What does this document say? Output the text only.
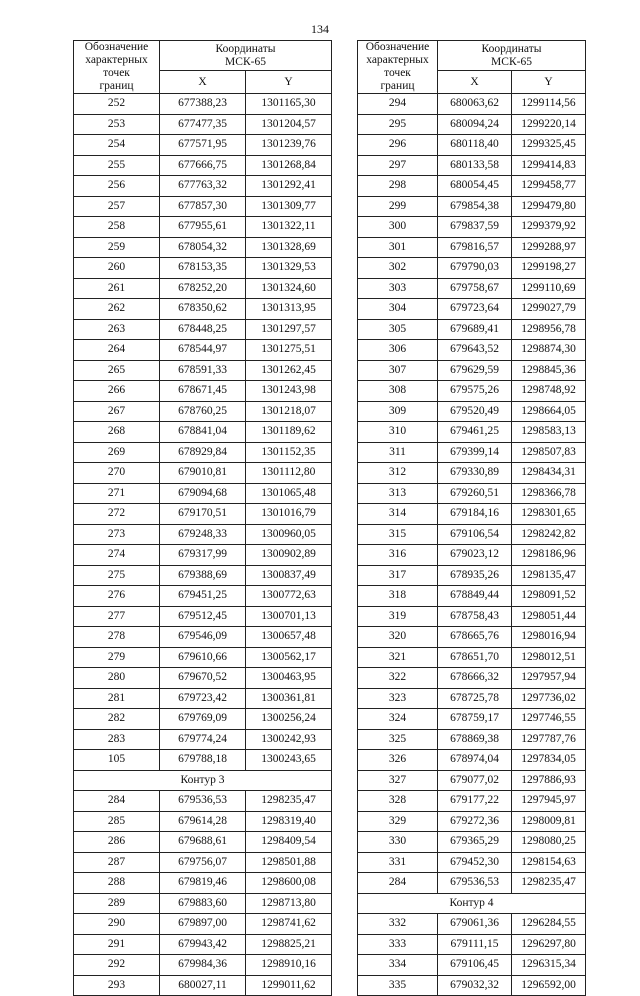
134
Обозначение
характерных
точек
границ	Координаты
МСК-65	
	X	Y
252	677388,23	1301165,30
253	677477,35	1301204,57
254	677571,95	1301239,76
255	677666,75	1301268,84
256	677763,32	1301292,41
257	677857,30	1301309,77
258	677955,61	1301322,11
259	678054,32	1301328,69
260	678153,35	1301329,53
261	678252,20	1301324,60
262	678350,62	1301313,95
263	678448,25	1301297,57
264	678544,97	1301275,51
265	678591,33	1301262,45
266	678671,45	1301243,98
267	678760,25	1301218,07
268	678841,04	1301189,62
269	678929,84	1301152,35
270	679010,81	1301112,80
271	679094,68	1301065,48
272	679170,51	1301016,79
273	679248,33	1300960,05
274	679317,99	1300902,89
275	679388,69	1300837,49
276	679451,25	1300772,63
277	679512,45	1300701,13
278	679546,09	1300657,48
279	679610,66	1300562,17
280	679670,52	1300463,95
281	679723,42	1300361,81
282	679769,09	1300256,24
283	679774,24	1300242,93
105	679788,18	1300243,65
Контур 3		
284	679536,53	1298235,47
285	679614,28	1298319,40
286	679688,61	1298409,54
287	679756,07	1298501,88
288	679819,46	1298600,08
289	679883,60	1298713,80
290	679897,00	1298741,62
291	679943,42	1298825,21
292	679984,36	1298910,16
293	680027,11	1299011,62
Обозначение
характерных
точек
границ	Координаты
МСК-65	
	X	Y
294	680063,62	1299114,56
295	680094,24	1299220,14
296	680118,40	1299325,45
297	680133,58	1299414,83
298	680054,45	1299458,77
299	679854,38	1299479,80
300	679837,59	1299379,92
301	679816,57	1299288,97
302	679790,03	1299198,27
303	679758,67	1299110,69
304	679723,64	1299027,79
305	679689,41	1298956,78
306	679643,52	1298874,30
307	679629,59	1298845,36
308	679575,26	1298748,92
309	679520,49	1298664,05
310	679461,25	1298583,13
311	679399,14	1298507,83
312	679330,89	1298434,31
313	679260,51	1298366,78
314	679184,16	1298301,65
315	679106,54	1298242,82
316	679023,12	1298186,96
317	678935,26	1298135,47
318	678849,44	1298091,52
319	678758,43	1298051,44
320	678665,76	1298016,94
321	678651,70	1298012,51
322	678666,32	1297957,94
323	678725,78	1297736,02
324	678759,17	1297746,55
325	678869,38	1297787,76
326	678974,04	1297834,05
327	679077,02	1297886,93
328	679177,22	1297945,97
329	679272,36	1298009,81
330	679365,29	1298080,25
331	679452,30	1298154,63
284	679536,53	1298235,47
Контур 4		
332	679061,36	1296284,55
333	679111,15	1296297,80
334	679106,45	1296315,34
335	679032,32	1296592,00
